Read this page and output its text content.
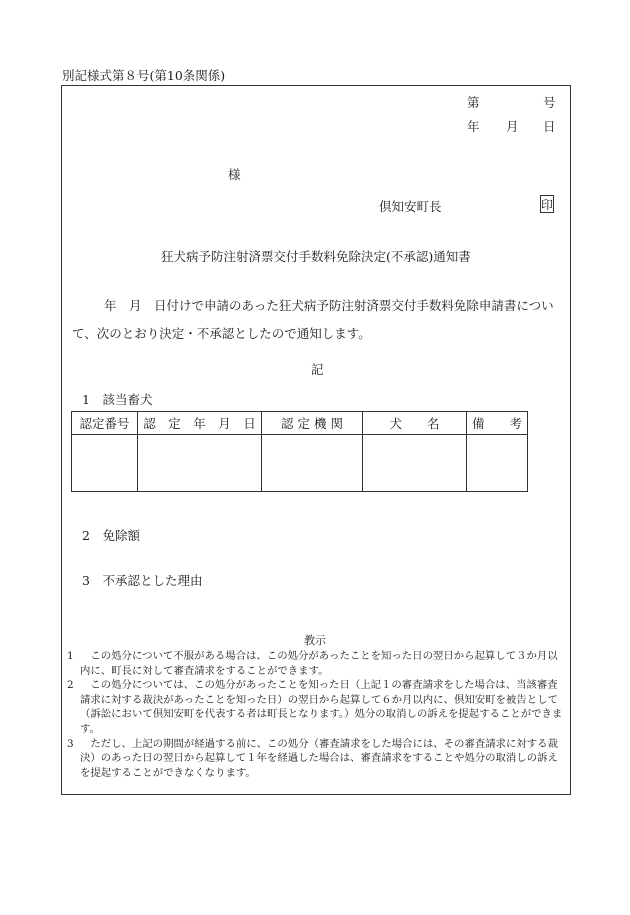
別記様式第８号(第10条関係)
第	号
年 月 日
様
倶知安町長	印
狂犬病予防注射済票交付手数料免除決定(不承認)通知書
年　月　日付けで申請のあった狂犬病予防注射済票交付手数料免除申請書につい
て、次のとおり決定・不承認としたので通知します。
記
1　該当畜犬
認定番号	認　定　年　月　日	認 定 機 関	犬　　名	備　　考

2　免除額
3　不承認とした理由
教示
1　 この処分について不服がある場合は、この処分があったことを知った日の翌日から起算して３か月以内に、町長に対して審査請求をすることができます。
2　 この処分については、この処分があったことを知った日（上記１の審査請求をした場合は、当該審査請求に対する裁決があったことを知った日）の翌日から起算して６か月以内に、倶知安町を被告として（訴訟において倶知安町を代表する者は町長となります。）処分の取消しの訴えを提起することができます。
3　 ただし、上記の期間が経過する前に、この処分（審査請求をした場合には、その審査請求に対する裁決）のあった日の翌日から起算して１年を経過した場合は、審査請求をすることや処分の取消しの訴えを提起することができなくなります。
